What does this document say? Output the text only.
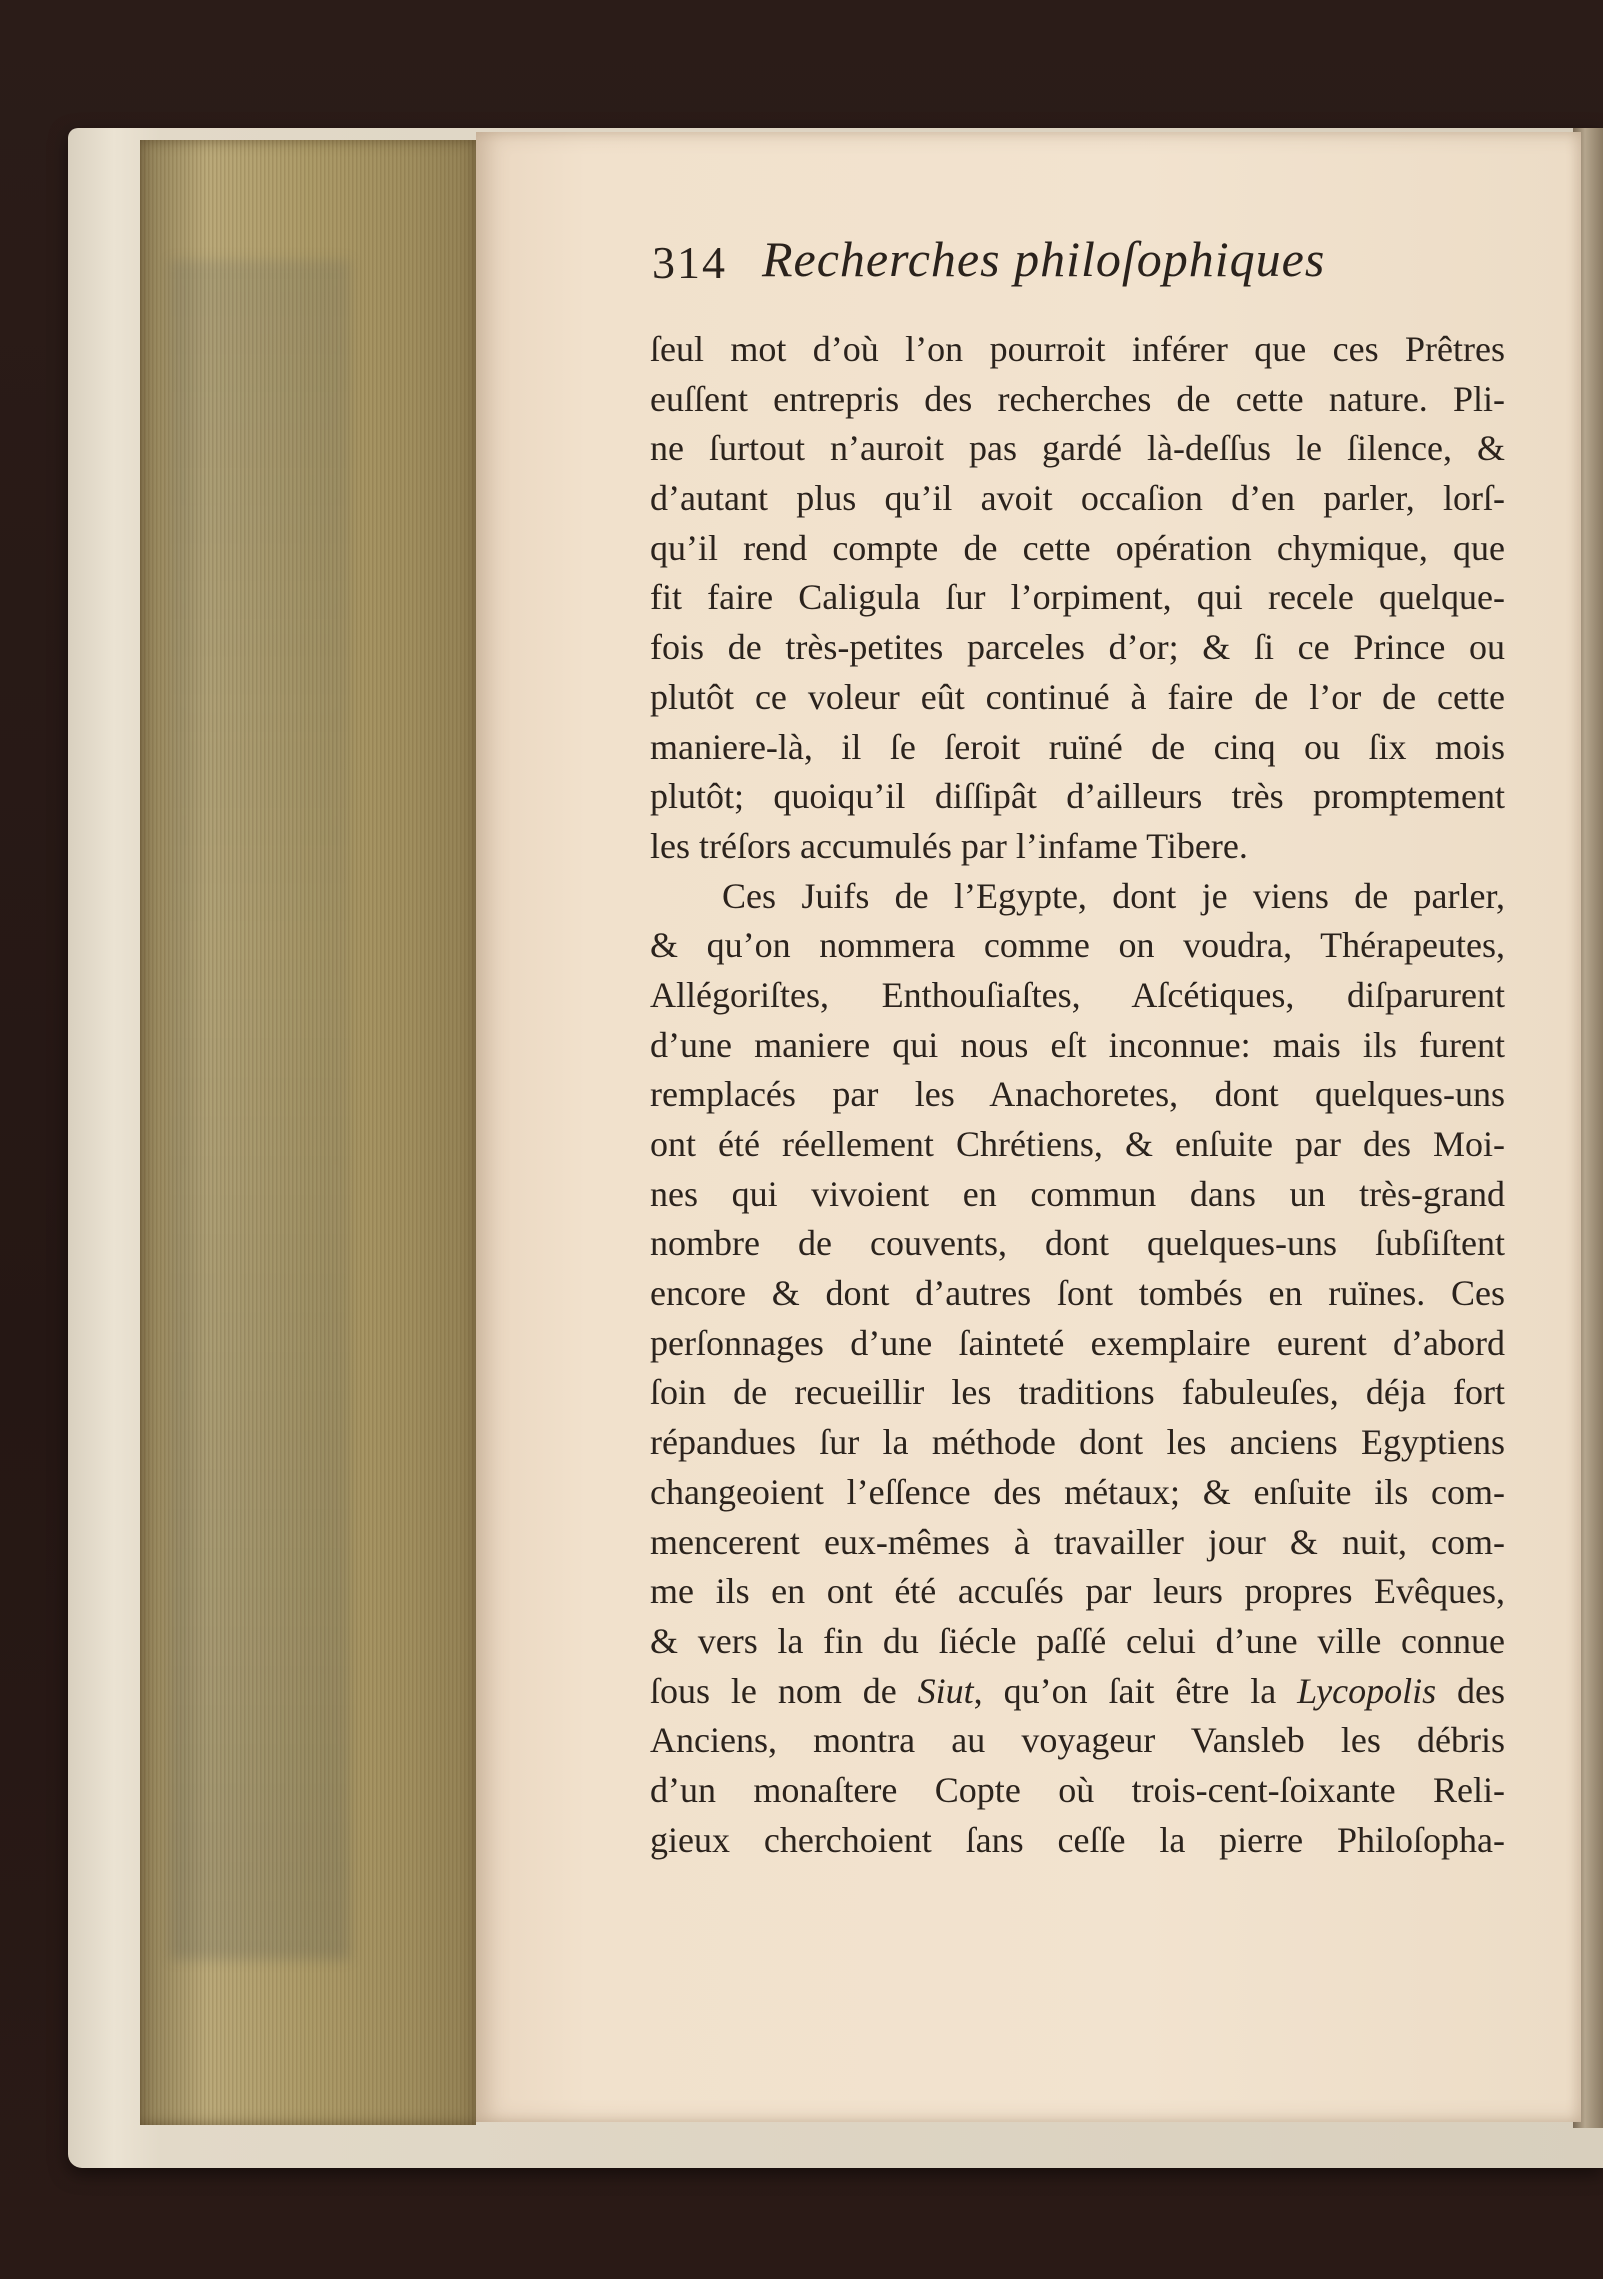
314 Recherches philoſophiques
ſeul mot d’où l’on pourroit inférer que ces Prêtres
euſſent entrepris des recherches de cette nature. Pli-
ne ſurtout n’auroit pas gardé là-deſſus le ſilence, &
d’autant plus qu’il avoit occaſion d’en parler, lorſ-
qu’il rend compte de cette opération chymique, que
fit faire Caligula ſur l’orpiment, qui recele quelque-
fois de très-petites parceles d’or; & ſi ce Prince ou
plutôt ce voleur eût continué à faire de l’or de cette
maniere-là, il ſe ſeroit ruïné de cinq ou ſix mois
plutôt; quoiqu’il diſſipât d’ailleurs très promptement
les tréſors accumulés par l’infame Tibere.
Ces Juifs de l’Egypte, dont je viens de parler,
& qu’on nommera comme on voudra, Thérapeutes,
Allégoriſtes, Enthouſiaſtes, Aſcétiques, diſparurent
d’une maniere qui nous eſt inconnue: mais ils furent
remplacés par les Anachoretes, dont quelques-uns
ont été réellement Chrétiens, & enſuite par des Moi-
nes qui vivoient en commun dans un très-grand
nombre de couvents, dont quelques-uns ſubſiſtent
encore & dont d’autres ſont tombés en ruïnes. Ces
perſonnages d’une ſainteté exemplaire eurent d’abord
ſoin de recueillir les traditions fabuleuſes, déja fort
répandues ſur la méthode dont les anciens Egyptiens
changeoient l’eſſence des métaux; & enſuite ils com-
mencerent eux-mêmes à travailler jour & nuit, com-
me ils en ont été accuſés par leurs propres Evêques,
& vers la fin du ſiécle paſſé celui d’une ville connue
ſous le nom de Siut, qu’on ſait être la Lycopolis des
Anciens, montra au voyageur Vansleb les débris
d’un monaſtere Copte où trois-cent-ſoixante Reli-
gieux cherchoient ſans ceſſe la pierre Philoſopha-
